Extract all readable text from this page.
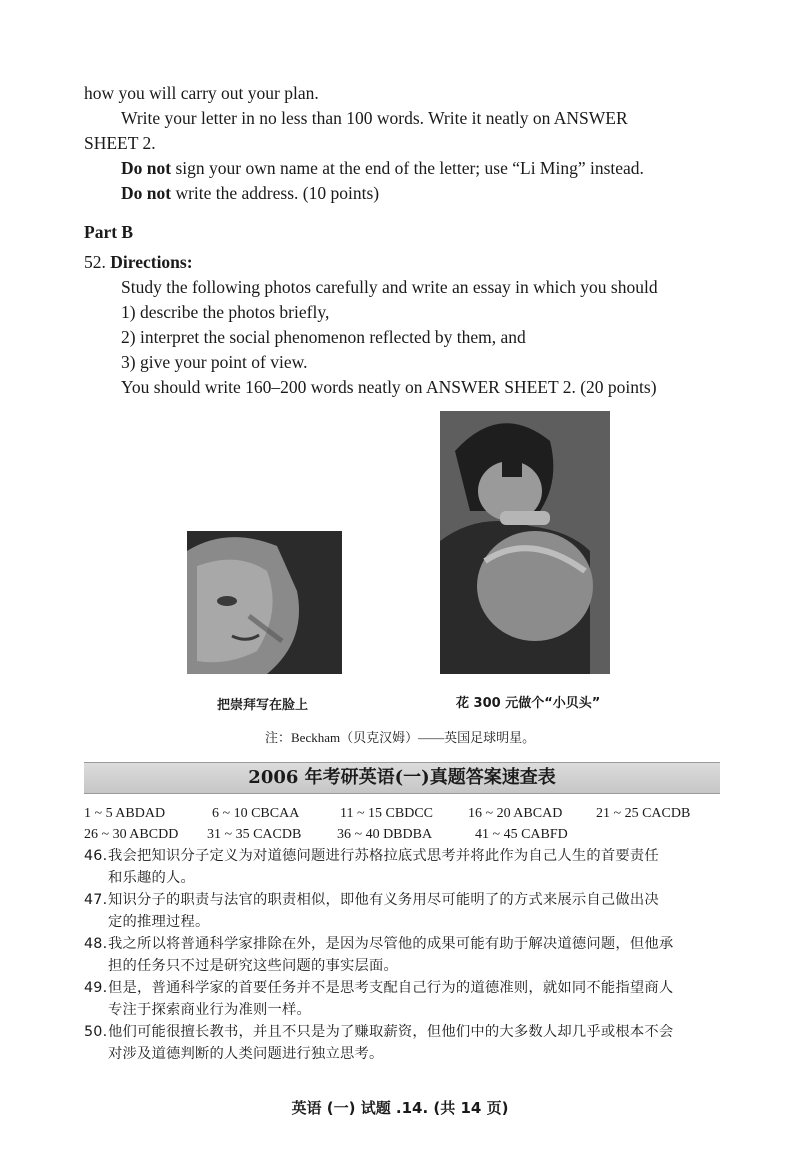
how you will carry out your plan.
Write your letter in no less than 100 words. Write it neatly on ANSWER
SHEET 2.
Do not sign your own name at the end of the letter; use “Li Ming” instead.
Do not write the address. (10 points)
Part B
52. Directions:
Study the following photos carefully and write an essay in which you should
1) describe the photos briefly,
2) interpret the social phenomenon reflected by them, and
3) give your point of view.
You should write 160–200 words neatly on ANSWER SHEET 2. (20 points)
把崇拜写在脸上	花 300 元做个“小贝头”
注：Beckham（贝克汉姆）——英国足球明星。
2006 年考研英语(一)真题答案速查表
1 ~ 5 ABDAD	6 ~ 10 CBCAA	11 ~ 15 CBDCC 16 ~ 20 ABCAD 21 ~ 25 CACDB
26 ~ 30 ABCDD 31 ~ 35 CACDB	36 ~ 40 DBDBA	41 ~ 45 CABFD
46.我会把知识分子定义为对道德问题进行苏格拉底式思考并将此作为自己人生的首要责任
和乐趣的人。
47.知识分子的职责与法官的职责相似，即他有义务用尽可能明了的方式来展示自己做出决
定的推理过程。
48.我之所以将普通科学家排除在外，是因为尽管他的成果可能有助于解决道德问题，但他承
担的任务只不过是研究这些问题的事实层面。
49.但是，普通科学家的首要任务并不是思考支配自己行为的道德准则，就如同不能指望商人
专注于探索商业行为准则一样。
50.他们可能很擅长教书，并且不只是为了赚取薪资，但他们中的大多数人却几乎或根本不会
对涉及道德判断的人类问题进行独立思考。
英语 (一) 试题 .14. (共 14 页)
